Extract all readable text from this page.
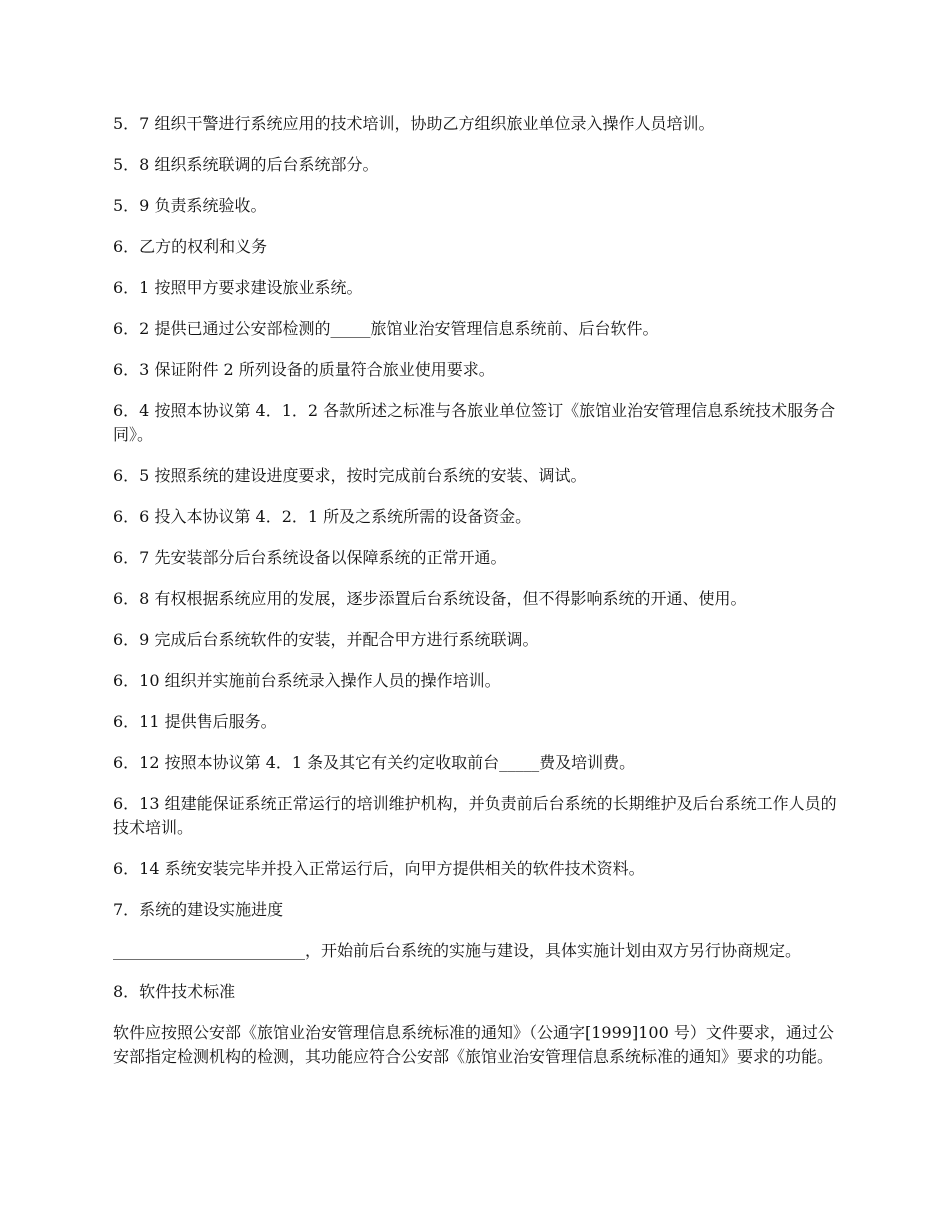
5．7 组织干警进行系统应用的技术培训，协助乙方组织旅业单位录入操作人员培训。

5．8 组织系统联调的后台系统部分。

5．9 负责系统验收。

6．乙方的权利和义务

6．1 按照甲方要求建设旅业系统。

6．2 提供已通过公安部检测的_____旅馆业治安管理信息系统前、后台软件。

6．3 保证附件 2 所列设备的质量符合旅业使用要求。

6．4 按照本协议第 4．1．2 各款所述之标准与各旅业单位签订《旅馆业治安管理信息系统技术服务合同》。

6．5 按照系统的建设进度要求，按时完成前台系统的安装、调试。

6．6 投入本协议第 4．2．1 所及之系统所需的设备资金。

6．7 先安装部分后台系统设备以保障系统的正常开通。

6．8 有权根据系统应用的发展，逐步添置后台系统设备，但不得影响系统的开通、使用。

6．9 完成后台系统软件的安装，并配合甲方进行系统联调。

6．10 组织并实施前台系统录入操作人员的操作培训。

6．11 提供售后服务。

6．12 按照本协议第 4．1 条及其它有关约定收取前台_____费及培训费。

6．13 组建能保证系统正常运行的培训维护机构，并负责前后台系统的长期维护及后台系统工作人员的技术培训。

6．14 系统安装完毕并投入正常运行后，向甲方提供相关的软件技术资料。

7．系统的建设实施进度

________________________，开始前后台系统的实施与建设，具体实施计划由双方另行协商规定。

8．软件技术标准

软件应按照公安部《旅馆业治安管理信息系统标准的通知》（公通字[1999]100 号）文件要求，通过公安部指定检测机构的检测，其功能应符合公安部《旅馆业治安管理信息系统标准的通知》要求的功能。
